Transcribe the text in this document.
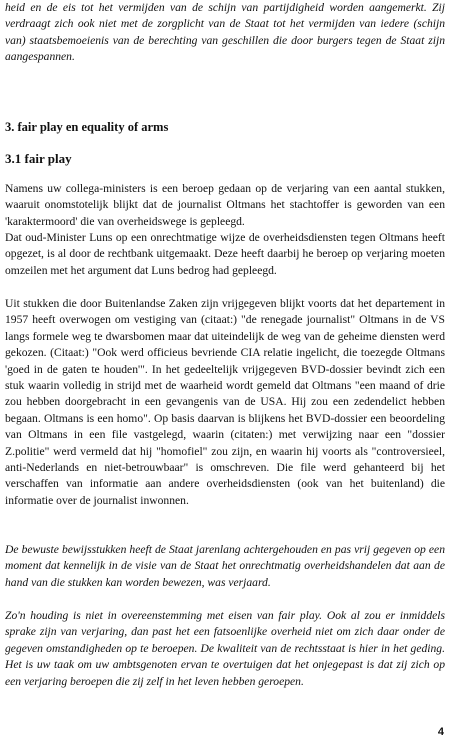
heid en de eis tot het vermijden van de schijn van partijdigheid worden aangemerkt. Zij verdraagt zich ook niet met de zorgplicht van de Staat tot het vermijden van iedere (schijn van) staatsbemoeienis van de berechting van geschillen die door burgers tegen de Staat zijn aangespannen.

3. fair play en equality of arms
3.1 fair play

Namens uw collega-ministers is een beroep gedaan op de verjaring van een aantal stukken, waaruit onomstotelijk blijkt dat de journalist Oltmans het stachtoffer is geworden van een 'karaktermoord' die van overheidswege is gepleegd.

Dat oud-Minister Luns op een onrechtmatige wijze de overheidsdiensten tegen Oltmans heeft opgezet, is al door de rechtbank uitgemaakt. Deze heeft daarbij he beroep op verjaring moeten omzeilen met het argument dat Luns bedrog had gepleegd.

Uit stukken die door Buitenlandse Zaken zijn vrijgegeven blijkt voorts dat het departement in 1957 heeft overwogen om vestiging van (citaat:) "de renegade journalist" Oltmans in de VS langs formele weg te dwarsbomen maar dat uiteindelijk de weg van de geheime diensten werd gekozen. (Citaat:) "Ook werd officieus bevriende CIA relatie ingelicht, die toezegde Oltmans 'goed in de gaten te houden'". In het gedeeltelijk vrijgegeven BVD-dossier bevindt zich een stuk waarin volledig in strijd met de waarheid wordt gemeld dat Oltmans "een maand of drie zou hebben doorgebracht in een gevangenis van de USA. Hij zou een zedendelict hebben begaan. Oltmans is een homo". Op basis daarvan is blijkens het BVD-dossier een beoordeling van Oltmans in een file vastgelegd, waarin (citaten:) met verwijzing naar een "dossier Z.politie" werd vermeld dat hij "homofiel" zou zijn, en waarin hij voorts als "controversieel, anti-Nederlands en niet-betrouwbaar" is omschreven. Die file werd gehanteerd bij het verschaffen van informatie aan andere overheidsdiensten (ook van het buitenland) die informatie over de journalist inwonnen.

De bewuste bewijsstukken heeft de Staat jarenlang achtergehouden en pas vrij gegeven op een moment dat kennelijk in de visie van de Staat het onrechtmatig overheidshandelen dat aan de hand van die stukken kan worden bewezen, was verjaard.

Zo'n houding is niet in overeenstemming met eisen van fair play. Ook al zou er inmiddels sprake zijn van verjaring, dan past het een fatsoenlijke overheid niet om zich daar onder de gegeven omstandigheden op te beroepen. De kwaliteit van de rechtsstaat is hier in het geding. Het is uw taak om uw ambtsgenoten ervan te overtuigen dat het onjegepast is dat zij zich op een verjaring beroepen die zij zelf in het leven hebben geroepen.

4
